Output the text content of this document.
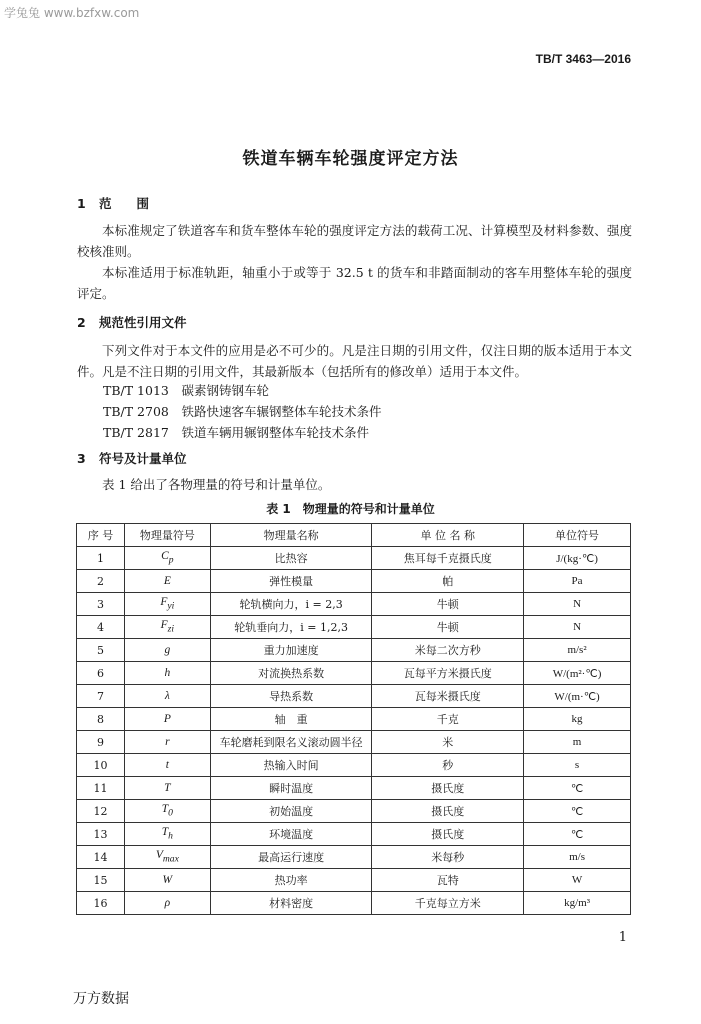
学兔兔 www.bzfxw.com
TB/T 3463—2016
铁道车辆车轮强度评定方法
1 范　　围
本标准规定了铁道客车和货车整体车轮的强度评定方法的载荷工况、计算模型及材料参数、强度校核准则。
本标准适用于标准轨距，轴重小于或等于 32.5 t 的货车和非踏面制动的客车用整体车轮的强度评定。
2 规范性引用文件
下列文件对于本文件的应用是必不可少的。凡是注日期的引用文件，仅注日期的版本适用于本文件。凡是不注日期的引用文件，其最新版本（包括所有的修改单）适用于本文件。
TB/T 1013　 碳素钢铸钢车轮
TB/T 2708　 铁路快速客车辗钢整体车轮技术条件
TB/T 2817　 铁道车辆用辗钢整体车轮技术条件
3 符号及计量单位
表 1 给出了各物理量的符号和计量单位。
表 1　物理量的符号和计量单位
序 号	物理量符号	物理量名称	单 位 名 称	单位符号
1	$C_p$	比热容	焦耳每千克摄氏度	J/(kg·℃)
2	E	弹性模量	帕	Pa
3	$F_{yi}$	轮轨横向力，i = 2,3	牛顿	N
4	$F_{zi}$	轮轨垂向力，i = 1,2,3	牛顿	N
5	g	重力加速度	米每二次方秒	m/s²
6	h	对流换热系数	瓦每平方米摄氏度	W/(m²·℃)
7	λ	导热系数	瓦每米摄氏度	W/(m·℃)
8	P	轴　重	千克	kg
9	r	车轮磨耗到限名义滚动圆半径	米	m
10	t	热输入时间	秒	s
11	T	瞬时温度	摄氏度	℃
12	$T_0$	初始温度	摄氏度	℃
13	$T_h$	环境温度	摄氏度	℃
14	$V_{max}$	最高运行速度	米每秒	m/s
15	W	热功率	瓦特	W
16	ρ	材料密度	千克每立方米	kg/m³
1
万方数据
